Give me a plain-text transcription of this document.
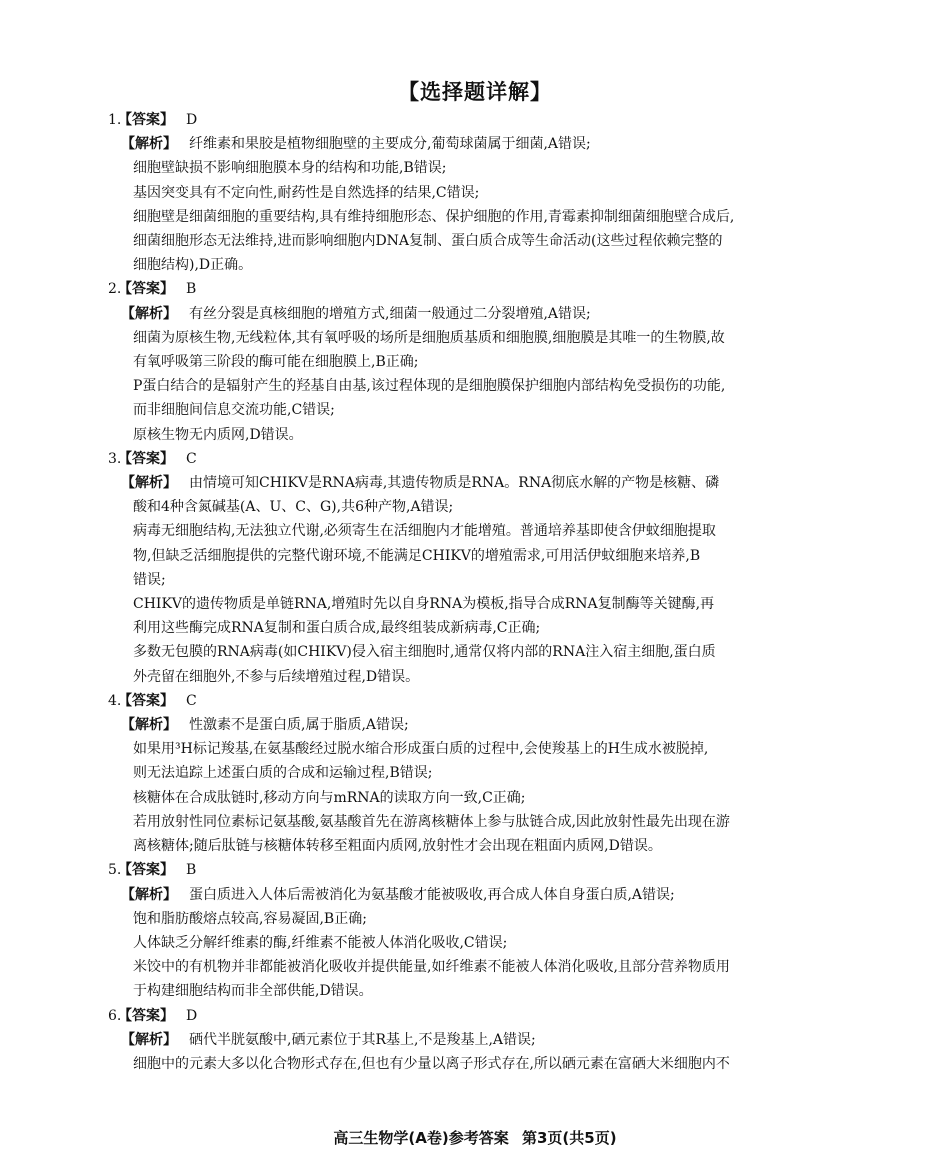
【选择题详解】
1.【答案】 D
【解析】 纤维素和果胶是植物细胞壁的主要成分,葡萄球菌属于细菌,A错误;
细胞壁缺损不影响细胞膜本身的结构和功能,B错误;
基因突变具有不定向性,耐药性是自然选择的结果,C错误;
细胞壁是细菌细胞的重要结构,具有维持细胞形态、保护细胞的作用,青霉素抑制细菌细胞壁合成后,
细菌细胞形态无法维持,进而影响细胞内DNA复制、蛋白质合成等生命活动(这些过程依赖完整的
细胞结构),D正确。
2.【答案】 B
【解析】 有丝分裂是真核细胞的增殖方式,细菌一般通过二分裂增殖,A错误;
细菌为原核生物,无线粒体,其有氧呼吸的场所是细胞质基质和细胞膜,细胞膜是其唯一的生物膜,故
有氧呼吸第三阶段的酶可能在细胞膜上,B正确;
P蛋白结合的是辐射产生的羟基自由基,该过程体现的是细胞膜保护细胞内部结构免受损伤的功能,
而非细胞间信息交流功能,C错误;
原核生物无内质网,D错误。
3.【答案】 C
【解析】 由情境可知CHIKV是RNA病毒,其遗传物质是RNA。RNA彻底水解的产物是核糖、磷
酸和4种含氮碱基(A、U、C、G),共6种产物,A错误;
病毒无细胞结构,无法独立代谢,必须寄生在活细胞内才能增殖。普通培养基即使含伊蚊细胞提取
物,但缺乏活细胞提供的完整代谢环境,不能满足CHIKV的增殖需求,可用活伊蚊细胞来培养,B
错误;
CHIKV的遗传物质是单链RNA,增殖时先以自身RNA为模板,指导合成RNA复制酶等关键酶,再
利用这些酶完成RNA复制和蛋白质合成,最终组装成新病毒,C正确;
多数无包膜的RNA病毒(如CHIKV)侵入宿主细胞时,通常仅将内部的RNA注入宿主细胞,蛋白质
外壳留在细胞外,不参与后续增殖过程,D错误。
4.【答案】 C
【解析】 性激素不是蛋白质,属于脂质,A错误;
如果用³H标记羧基,在氨基酸经过脱水缩合形成蛋白质的过程中,会使羧基上的H生成水被脱掉,
则无法追踪上述蛋白质的合成和运输过程,B错误;
核糖体在合成肽链时,移动方向与mRNA的读取方向一致,C正确;
若用放射性同位素标记氨基酸,氨基酸首先在游离核糖体上参与肽链合成,因此放射性最先出现在游
离核糖体;随后肽链与核糖体转移至粗面内质网,放射性才会出现在粗面内质网,D错误。
5.【答案】 B
【解析】 蛋白质进入人体后需被消化为氨基酸才能被吸收,再合成人体自身蛋白质,A错误;
饱和脂肪酸熔点较高,容易凝固,B正确;
人体缺乏分解纤维素的酶,纤维素不能被人体消化吸收,C错误;
米饺中的有机物并非都能被消化吸收并提供能量,如纤维素不能被人体消化吸收,且部分营养物质用
于构建细胞结构而非全部供能,D错误。
6.【答案】 D
【解析】 硒代半胱氨酸中,硒元素位于其R基上,不是羧基上,A错误;
细胞中的元素大多以化合物形式存在,但也有少量以离子形式存在,所以硒元素在富硒大米细胞内不
高三生物学(A卷)参考答案 第3页(共5页)
